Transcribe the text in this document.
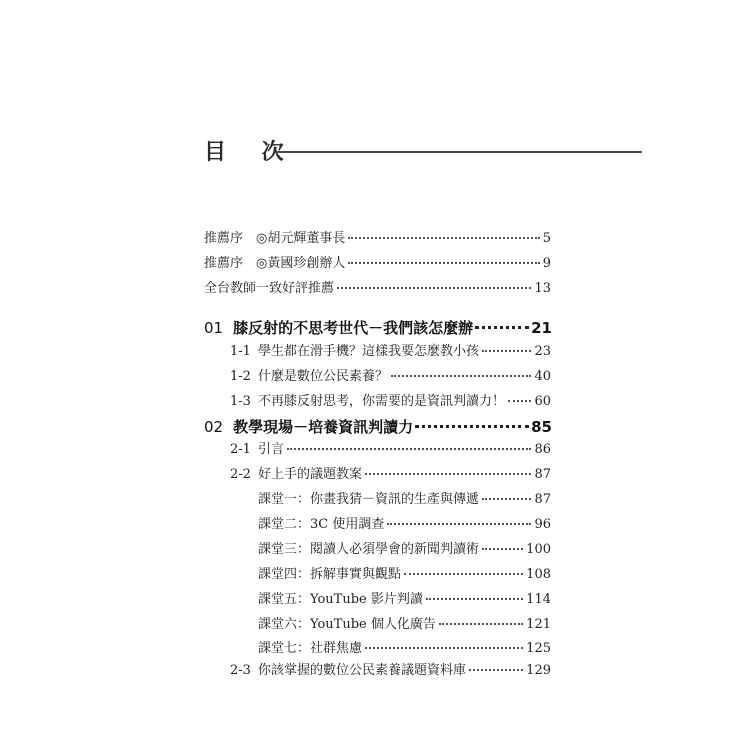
目 次
推薦序　◎胡元輝董事長	5
推薦序　◎黃國珍創辦人	9
全台教師一致好評推薦	13
01 膝反射的不思考世代－我們該怎麼辦	21
1-1 學生都在滑手機？這樣我要怎麼教小孩	23
1-2 什麼是數位公民素養？	40
1-3 不再膝反射思考，你需要的是資訊判讀力！ 60
02 教學現場－培養資訊判讀力	85
2-1 引言	86
2-2 好上手的議題教案	87
課堂一：你畫我猜－資訊的生產與傳遞	87
課堂二：3C 使用調查	96
課堂三：閱讀人必須學會的新聞判讀術	100
課堂四：拆解事實與觀點	108
課堂五：YouTube 影片判讀	114
課堂六：YouTube 個人化廣告	121
課堂七：社群焦慮	125
2-3 你該掌握的數位公民素養議題資料庫	129
